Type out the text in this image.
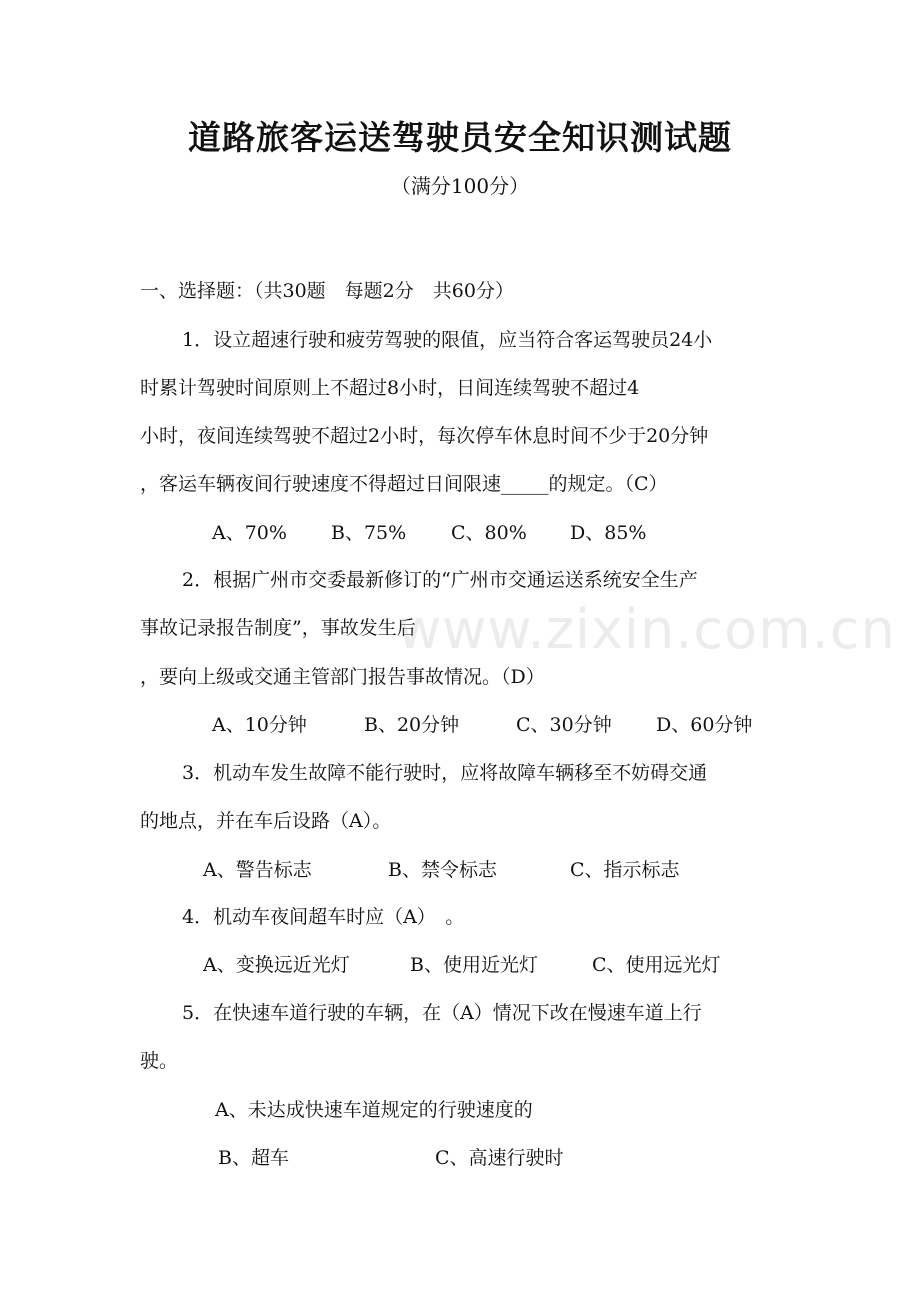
道路旅客运送驾驶员安全知识测试题
（满分100分）
一、选择题：（共30题　每题2分　共60分）
1．设立超速行驶和疲劳驾驶的限值，应当符合客运驾驶员24小
时累计驾驶时间原则上不超过8小时，日间连续驾驶不超过4
小时，夜间连续驾驶不超过2小时，每次停车休息时间不少于20分钟
，客运车辆夜间行驶速度不得超过日间限速_____的规定。（C）
A、70% B、75% C、80% D、85%
2．根据广州市交委最新修订的“广州市交通运送系统安全生产
事故记录报告制度”，事故发生后
，要向上级或交通主管部门报告事故情况。（D）
A、10分钟	B、20分钟	C、30分钟 D、60分钟
3．机动车发生故障不能行驶时，应将故障车辆移至不妨碍交通
的地点，并在车后设路（A）。
A、警告标志	B、禁令标志	C、指示标志
4．机动车夜间超车时应（A）　。
A、变换远近光灯	B、使用近光灯	C、使用远光灯
5．在快速车道行驶的车辆，在（A）情况下改在慢速车道上行
驶。
A、未达成快速车道规定的行驶速度的
B、超车	C、高速行驶时
www.zixin.com.cn
